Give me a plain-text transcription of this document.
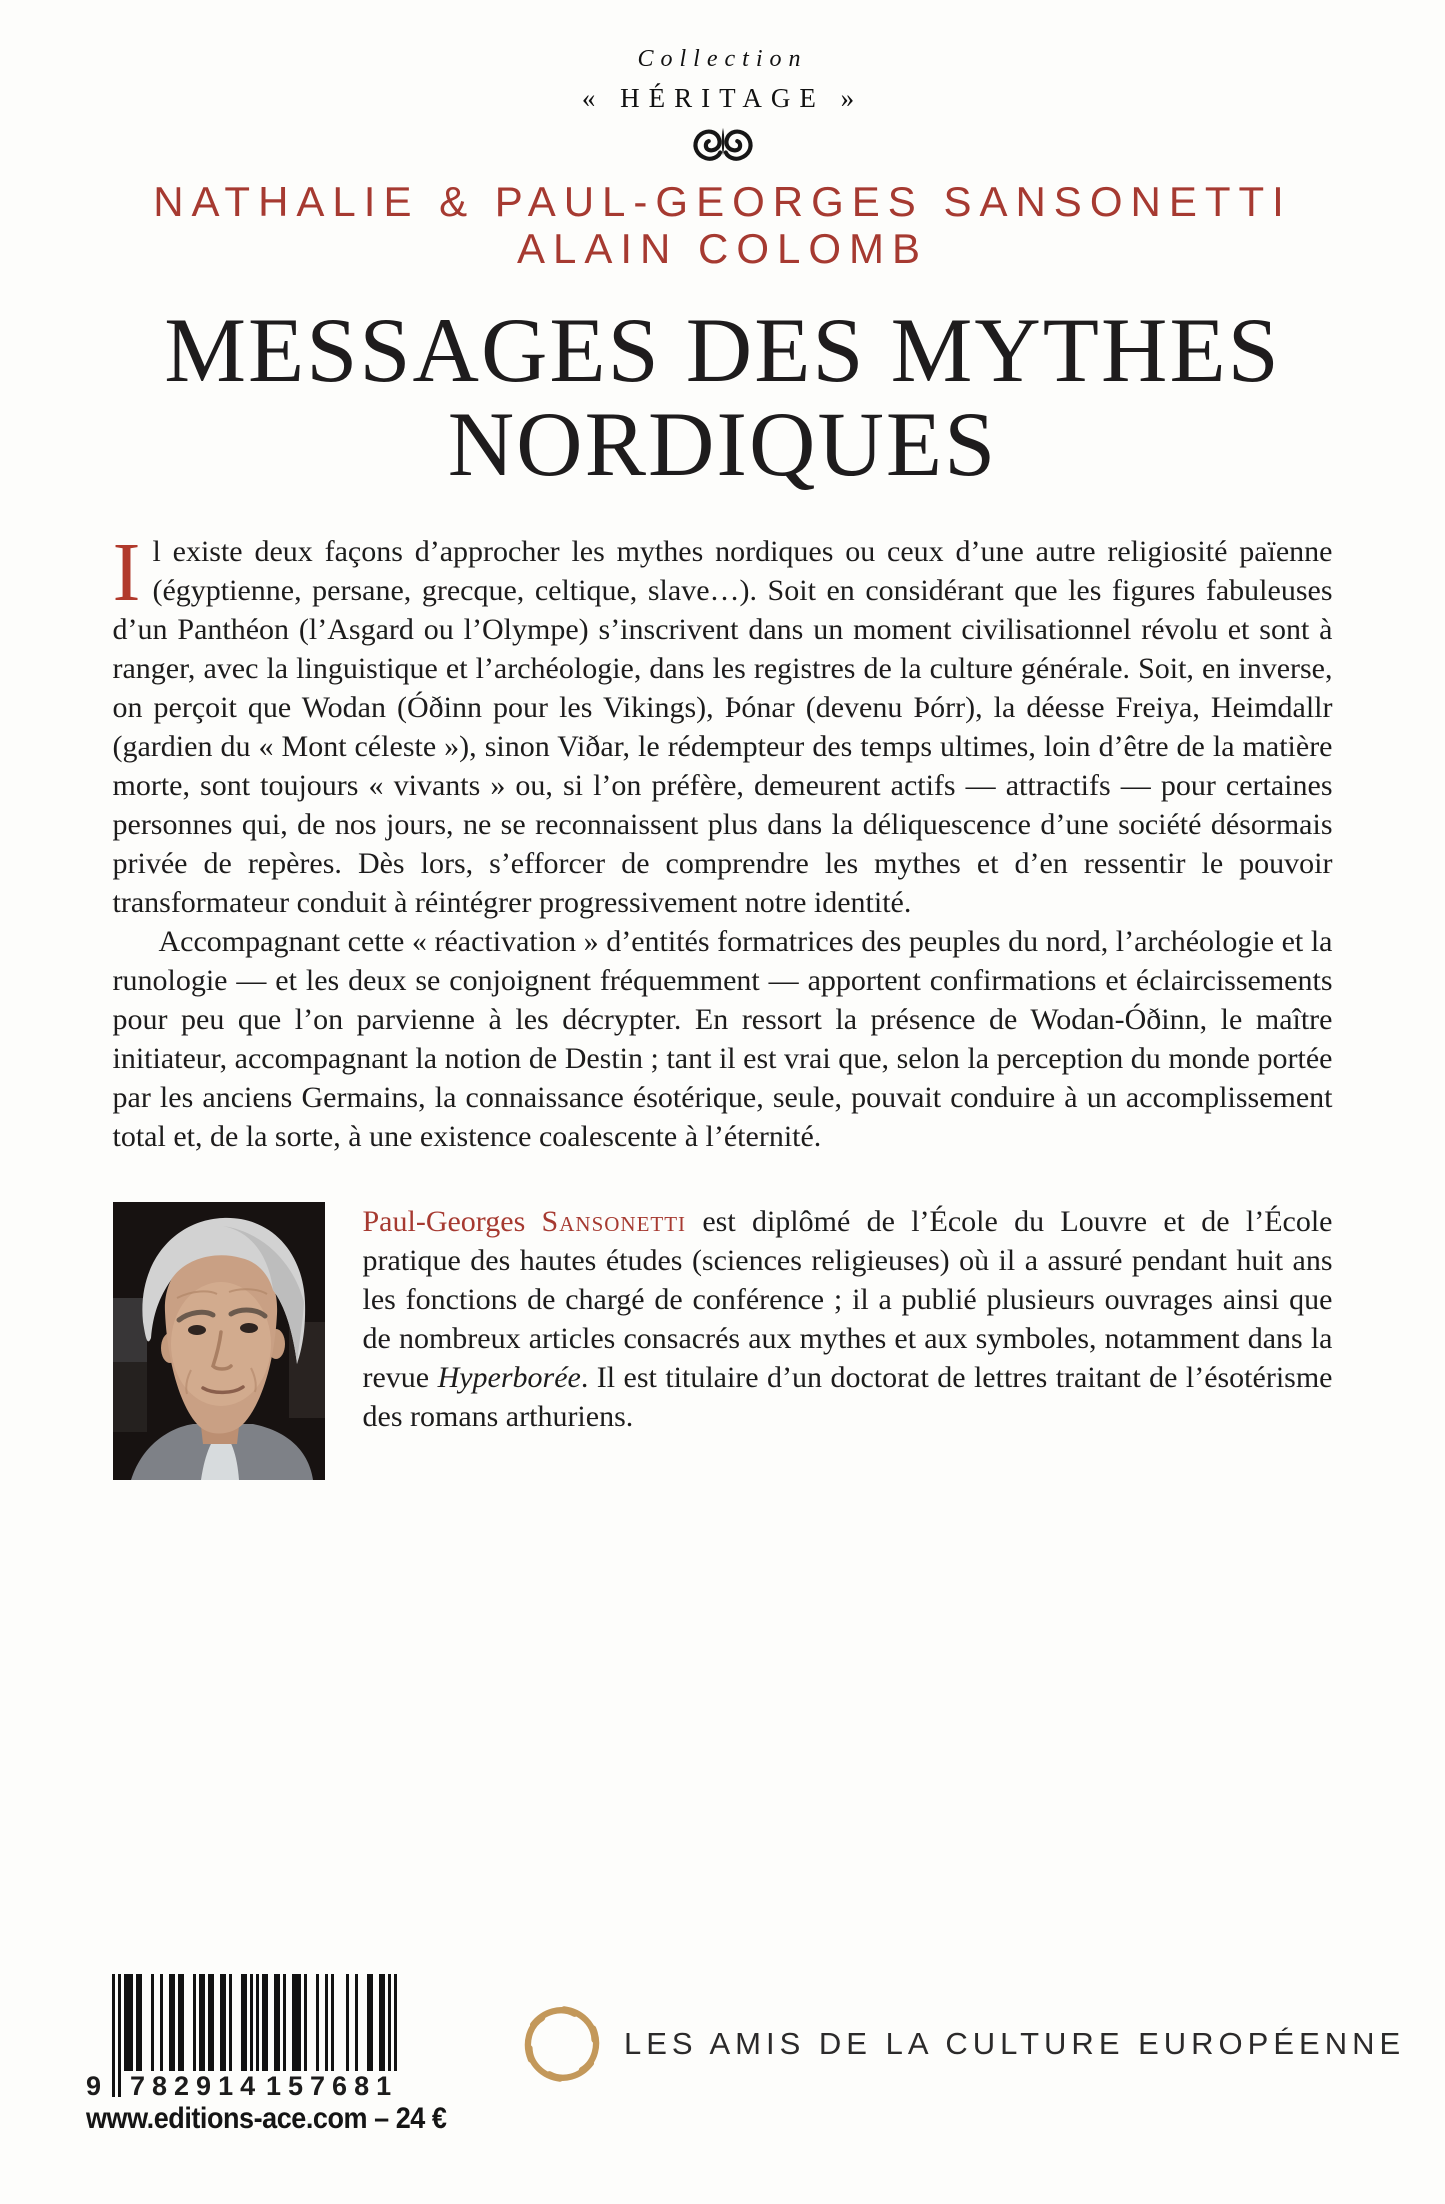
Collection
« HÉRITAGE »
NATHALIE & PAUL-GEORGES SANSONETTI
ALAIN COLOMB
MESSAGES DES MYTHES
NORDIQUES

Il existe deux façons d’approcher les mythes nordiques ou ceux d’une autre religiosité païenne (égyptienne, persane, grecque, celtique, slave…). Soit en considérant que les figures fabuleuses d’un Panthéon (l’Asgard ou l’Olympe) s’inscrivent dans un moment civilisationnel révolu et sont à ranger, avec la linguistique et l’archéologie, dans les registres de la culture générale. Soit, en inverse, on perçoit que Wodan (Óðinn pour les Vikings), Þónar (devenu Þórr), la déesse Freiya, Heimdallr (gardien du « Mont céleste »), sinon Viðar, le rédempteur des temps ultimes, loin d’être de la matière morte, sont toujours « vivants » ou, si l’on préfère, demeurent actifs — attractifs — pour certaines personnes qui, de nos jours, ne se reconnaissent plus dans la déliquescence d’une société désormais privée de repères. Dès lors, s’efforcer de comprendre les mythes et d’en ressentir le pouvoir transformateur conduit à réintégrer progressivement notre identité.

Accompagnant cette « réactivation » d’entités formatrices des peuples du nord, l’archéologie et la runologie — et les deux se conjoignent fréquemment — apportent confirmations et éclaircissements pour peu que l’on parvienne à les décrypter. En ressort la présence de Wodan-Óðinn, le maître initiateur, accompagnant la notion de Destin ; tant il est vrai que, selon la perception du monde portée par les anciens Germains, la connaissance ésotérique, seule, pouvait conduire à un accomplissement total et, de la sorte, à une existence coalescente à l’éternité.

Paul-Georges Sansonetti est diplômé de l’École du Louvre et de l’École pratique des hautes études (sciences religieuses) où il a assuré pendant huit ans les fonctions de chargé de conférence ; il a publié plusieurs ouvrages ainsi que de nombreux articles consacrés aux mythes et aux symboles, notamment dans la revue Hyperborée. Il est titulaire d’un doctorat de lettres traitant de l’ésotérisme des romans arthuriens.

9 782914 157681
www.editions-ace.com – 24 €
LES AMIS DE LA CULTURE EUROPÉENNE
